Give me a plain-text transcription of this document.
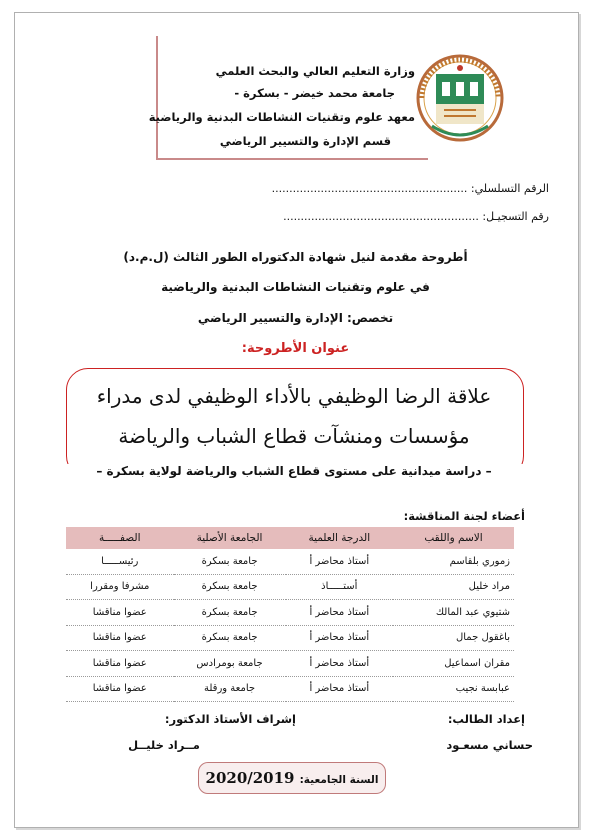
وزارة التعليم العالي والبحث العلمي
جامعة محمد خيضر - بسكرة -
معهد علوم وتقنيات النشاطات البدنية والرياضية
قسم الإدارة والتسيير الرياضي
الرقم التسلسلي: ........................................................
رقم التسجيـل: ........................................................
أطروحة مقدمة لنيل شهادة الدكتوراه الطور الثالث (ل.م.د)
في علوم وتقنيات النشاطات البدنية والرياضية
تخصص: الإدارة والتسيير الرياضي
عنوان الأطروحة:
علاقة الرضا الوظيفي بالأداء الوظيفي لدى مدراء
مؤسسات ومنشآت قطاع الشباب والرياضة
– دراسة ميدانية على مستوى قطاع الشباب والرياضة لولاية بسكرة –
أعضاء لجنة المناقشة:
الاسم واللقب	الدرجة العلمية	الجامعة الأصلية	الصفـــــة
زموري بلقاسم	أستاذ محاضر أ	جامعة بسكرة	رئيســـــا
مراد خليل	أستـــــاذ	جامعة بسكرة	مشرفا ومقررا
شتيوي عبد المالك	أستاذ محاضر أ	جامعة بسكرة	عضوا مناقشا
باغقول جمال	أستاذ محاضر أ	جامعة بسكرة	عضوا مناقشا
مقران اسماعيل	أستاذ محاضر أ	جامعة بومرادس	عضوا مناقشا
عبابسة نجيب	أستاذ محاضر أ	جامعة ورقلة	عضوا مناقشا
إعداد الطالب:
حساني مسعـود
إشراف الأستاذ الدكتور:
مــراد خليــل
السنة الجامعية: 2020/2019
